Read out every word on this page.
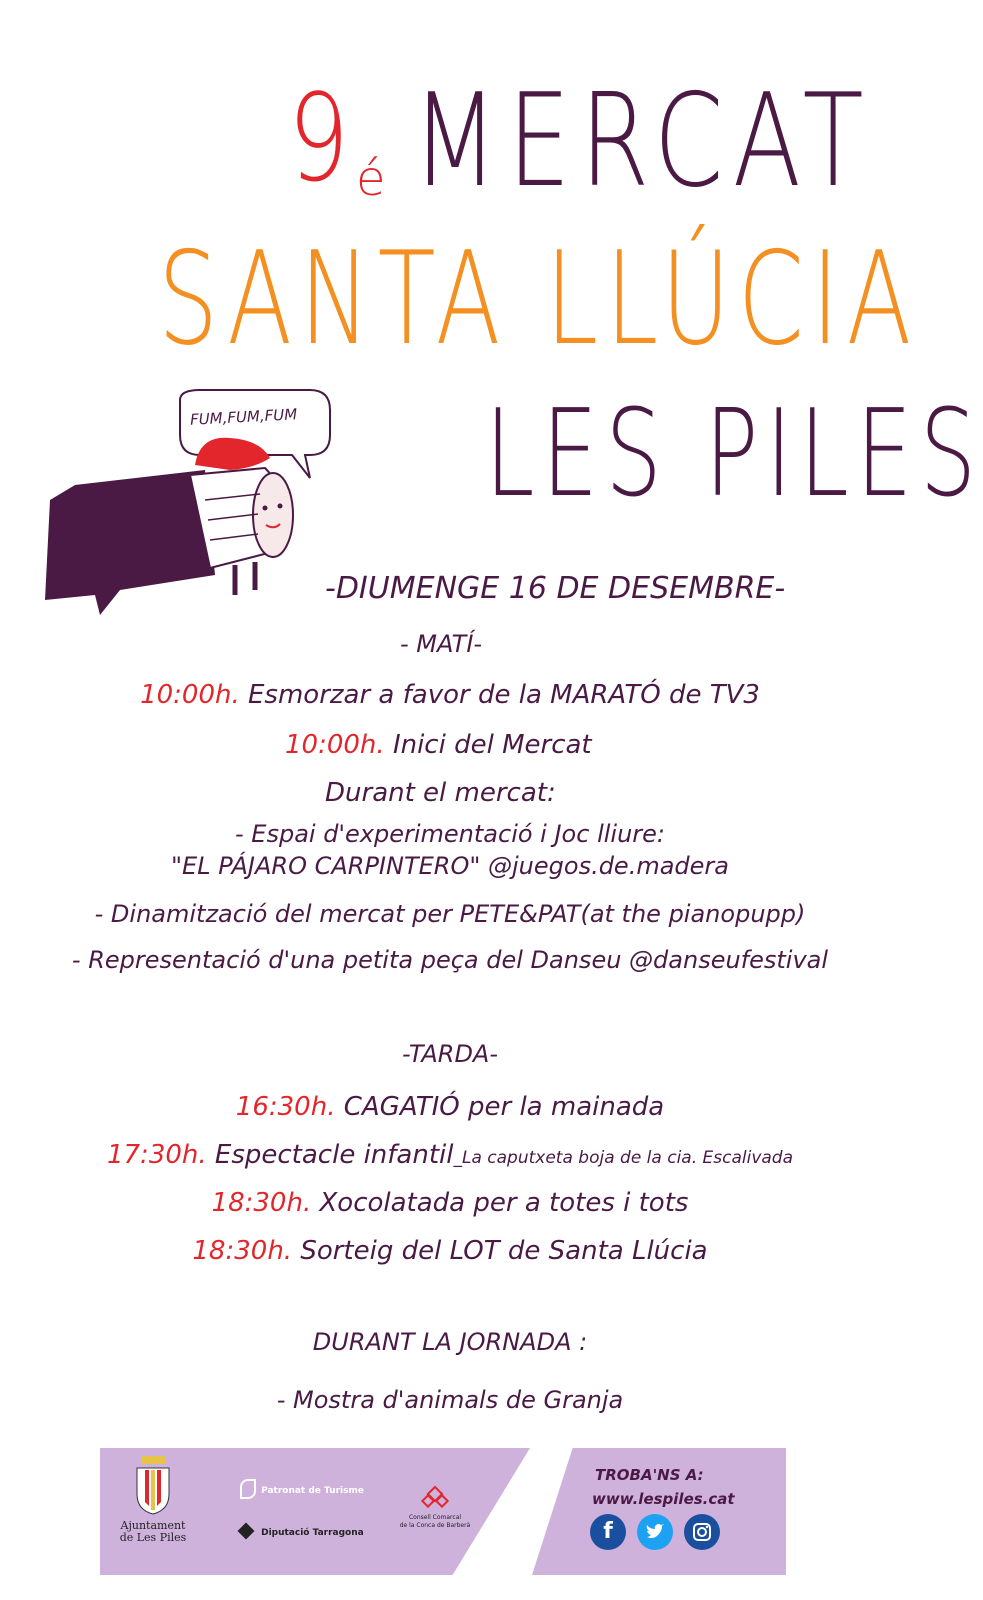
9 é MERCAT
SANTA LLÚCIA
LES PILES
FUM,FUM,FUM
-DIUMENGE 16 DE DESEMBRE-
- MATÍ-
10:00h. Esmorzar a favor de la MARATÓ de TV3
10:00h. Inici del Mercat
Durant el mercat:
- Espai d'experimentació i Joc lliure:
"EL PÁJARO CARPINTERO" @juegos.de.madera
- Dinamització del mercat per PETE&PAT(at the pianopupp)
- Representació d'una petita peça del Danseu @danseufestival
-TARDA-
16:30h. CAGATIÓ per la mainada
17:30h. Espectacle infantil_La caputxeta boja de la cia. Escalivada
18:30h. Xocolatada per a totes i tots
18:30h. Sorteig del LOT de Santa Llúcia
DURANT LA JORNADA :
- Mostra d'animals de Granja
Ajuntament
de Les Piles
Patronat de Turisme
Diputació Tarragona
Consell Comarcal
de la Conca de Barberà
TROBA'NS A:
www.lespiles.cat
f
